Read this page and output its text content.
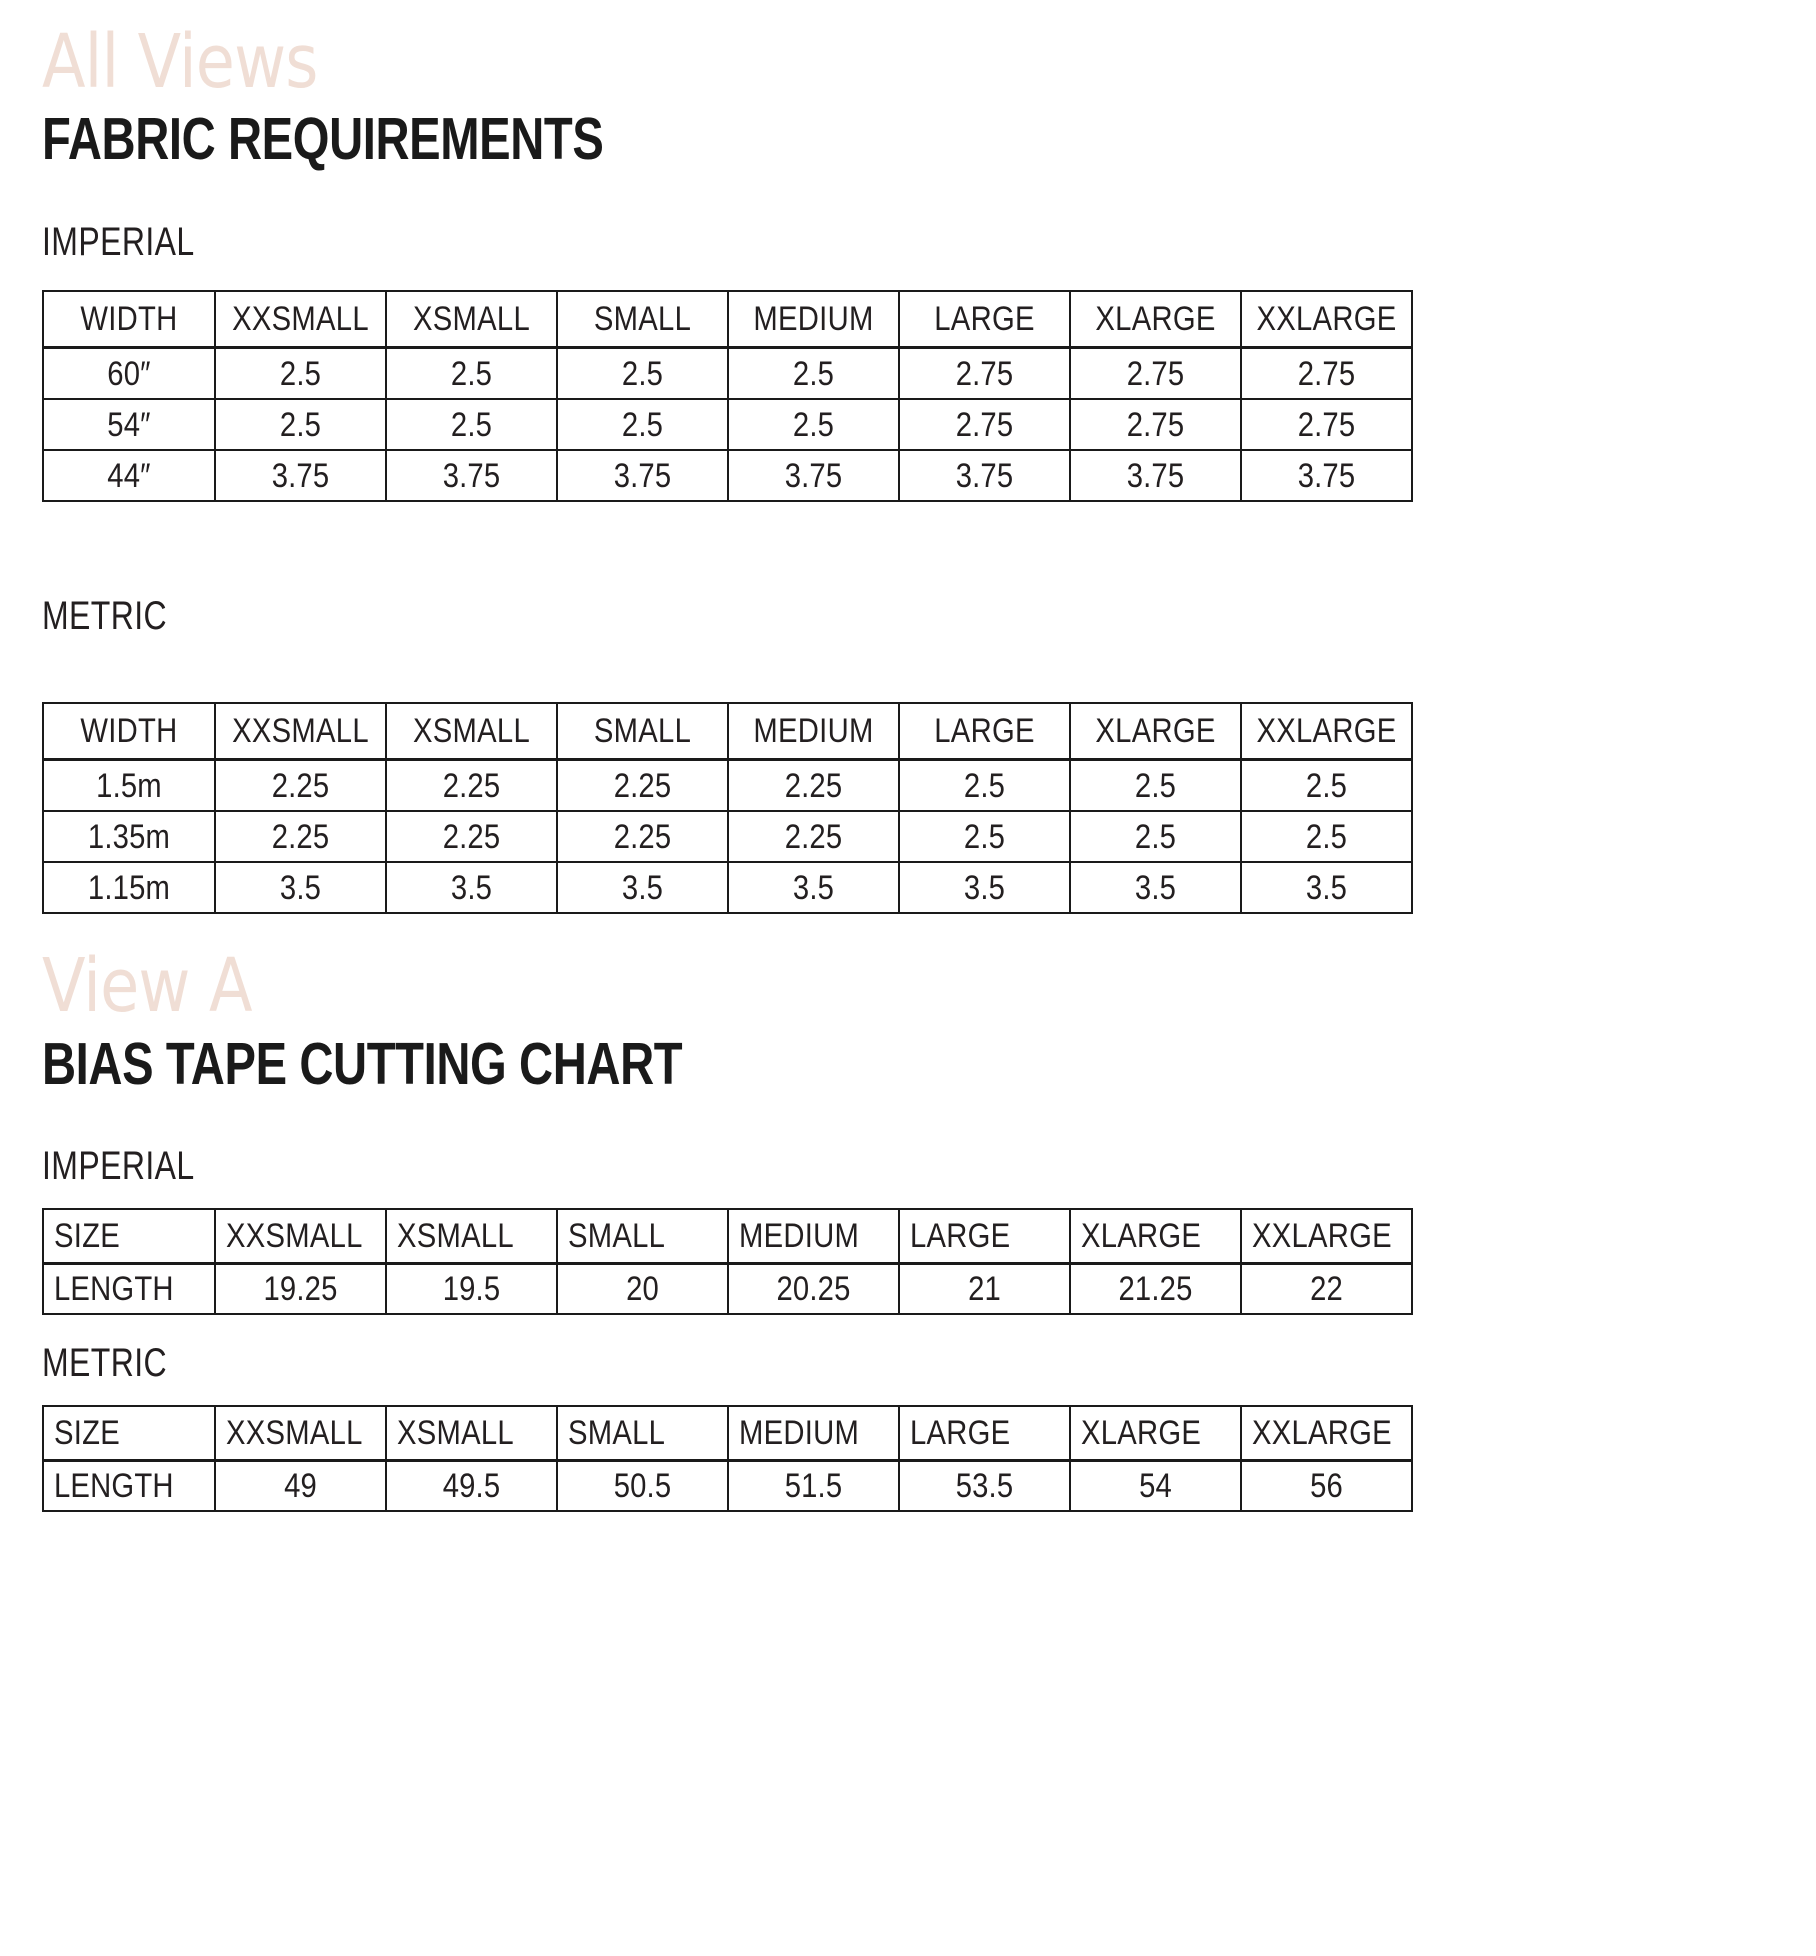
All Views
FABRIC REQUIREMENTS
IMPERIAL
WIDTH	XXSMALL	XSMALL	SMALL	MEDIUM	LARGE	XLARGE	XXLARGE

60″	2.5	2.5	2.5	2.5	2.75	2.75	2.75

54″	2.5	2.5	2.5	2.5	2.75	2.75	2.75

44″	3.75	3.75	3.75	3.75	3.75	3.75	3.75
METRIC
WIDTH	XXSMALL	XSMALL	SMALL	MEDIUM	LARGE	XLARGE	XXLARGE

1.5m	2.25	2.25	2.25	2.25	2.5	2.5	2.5

1.35m	2.25	2.25	2.25	2.25	2.5	2.5	2.5

1.15m	3.5	3.5	3.5	3.5	3.5	3.5	3.5
View A
BIAS TAPE CUTTING CHART
IMPERIAL
SIZE	XXSMALL	XSMALL	SMALL	MEDIUM	LARGE	XLARGE	XXLARGE

LENGTH	19.25	19.5	20	20.25	21	21.25	22
METRIC
SIZE	XXSMALL	XSMALL	SMALL	MEDIUM	LARGE	XLARGE	XXLARGE

LENGTH	49	49.5	50.5	51.5	53.5	54	56
